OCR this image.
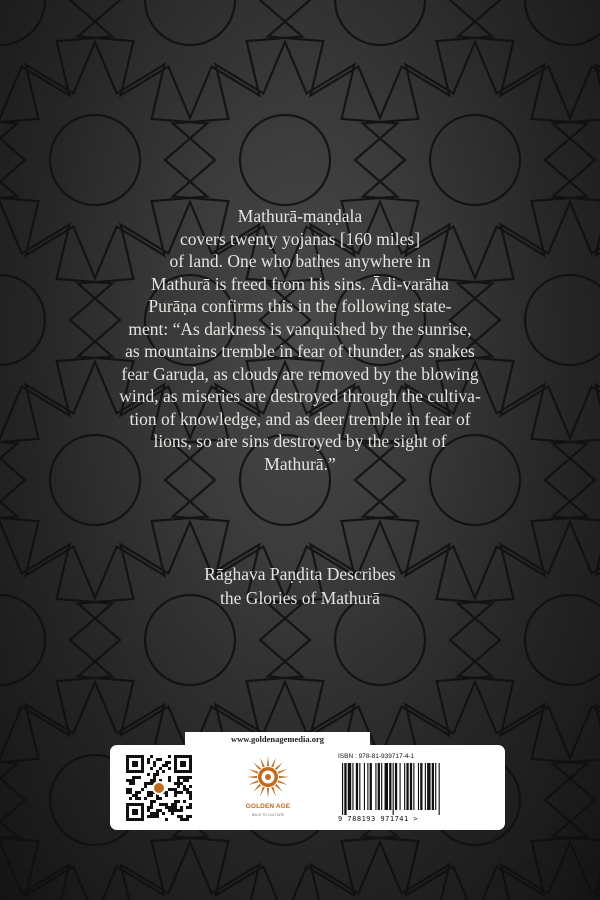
Mathurā-maṇḍala
covers twenty yojanas [160 miles]
of land. One who bathes anywhere in
Mathurā is freed from his sins. Ādi-varāha
Purāṇa confirms this in the following state-
ment: “As darkness is vanquished by the sunrise,
as mountains tremble in fear of thunder, as snakes
fear Garuḍa, as clouds are removed by the blowing
wind, as miseries are destroyed through the cultiva-
tion of knowledge, and as deer tremble in fear of
lions, so are sins destroyed by the sight of
Mathurā.”
Rāghava Paṇḍita Describes
the Glories of Mathurā
www.goldenagemedia.org
GOLDEN AGE
BACK TO CULTURE
ISBN : 978-81-939717-4-1
9 788193 971741 >
